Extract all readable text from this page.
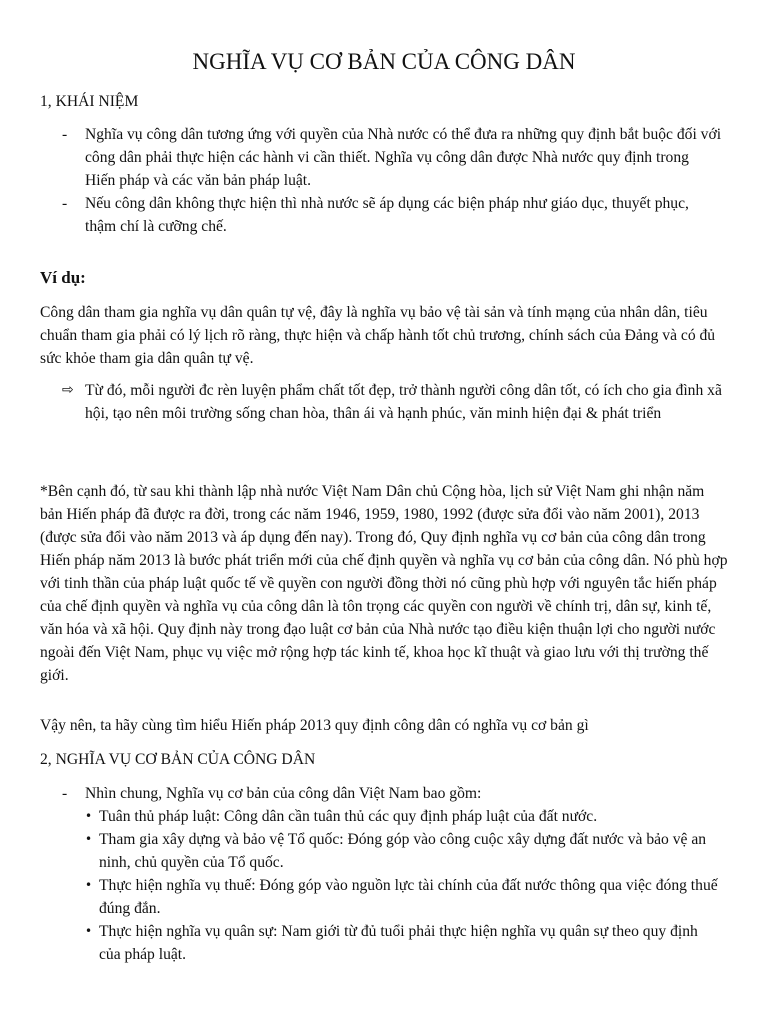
NGHĨA VỤ CƠ BẢN CỦA CÔNG DÂN
1, KHÁI NIỆM
- Nghĩa vụ công dân tương ứng với quyền của Nhà nước có thể đưa ra những quy định bắt buộc đối với công dân phải thực hiện các hành vi cần thiết. Nghĩa vụ công dân được Nhà nước quy định trong Hiến pháp và các văn bản pháp luật.
- Nếu công dân không thực hiện thì nhà nước sẽ áp dụng các biện pháp như giáo dục, thuyết phục, thậm chí là cưỡng chế.
Ví dụ:
Công dân tham gia nghĩa vụ dân quân tự vệ, đây là nghĩa vụ bảo vệ tài sản và tính mạng của nhân dân, tiêu chuẩn tham gia phải có lý lịch rõ ràng, thực hiện và chấp hành tốt chủ trương, chính sách của Đảng và có đủ sức khỏe tham gia dân quân tự vệ.
⇨ Từ đó, mỗi người đc rèn luyện phẩm chất tốt đẹp, trở thành người công dân tốt, có ích cho gia đình xã hội, tạo nên môi trường sống chan hòa, thân ái và hạnh phúc, văn minh hiện đại & phát triển
*Bên cạnh đó, từ sau khi thành lập nhà nước Việt Nam Dân chủ Cộng hòa, lịch sử Việt Nam ghi nhận năm bản Hiến pháp đã được ra đời, trong các năm 1946, 1959, 1980, 1992 (được sửa đổi vào năm 2001), 2013 (được sửa đổi vào năm 2013 và áp dụng đến nay). Trong đó, Quy định nghĩa vụ cơ bản của công dân trong Hiến pháp năm 2013 là bước phát triển mới của chế định quyền và nghĩa vụ cơ bản của công dân. Nó phù hợp với tinh thần của pháp luật quốc tế về quyền con người đồng thời nó cũng phù hợp với nguyên tắc hiến pháp của chế định quyền và nghĩa vụ của công dân là tôn trọng các quyền con người về chính trị, dân sự, kinh tế, văn hóa và xã hội. Quy định này trong đạo luật cơ bản của Nhà nước tạo điều kiện thuận lợi cho người nước ngoài đến Việt Nam, phục vụ việc mở rộng hợp tác kinh tế, khoa học kĩ thuật và giao lưu với thị trường thế giới.
Vậy nên, ta hãy cùng tìm hiểu Hiến pháp 2013 quy định công dân có nghĩa vụ cơ bản gì
2, NGHĨA VỤ CƠ BẢN CỦA CÔNG DÂN
- Nhìn chung, Nghĩa vụ cơ bản của công dân Việt Nam bao gồm:
• Tuân thủ pháp luật: Công dân cần tuân thủ các quy định pháp luật của đất nước.
• Tham gia xây dựng và bảo vệ Tổ quốc: Đóng góp vào công cuộc xây dựng đất nước và bảo vệ an ninh, chủ quyền của Tổ quốc.
• Thực hiện nghĩa vụ thuế: Đóng góp vào nguồn lực tài chính của đất nước thông qua việc đóng thuế đúng đắn.
• Thực hiện nghĩa vụ quân sự: Nam giới từ đủ tuổi phải thực hiện nghĩa vụ quân sự theo quy định của pháp luật.
